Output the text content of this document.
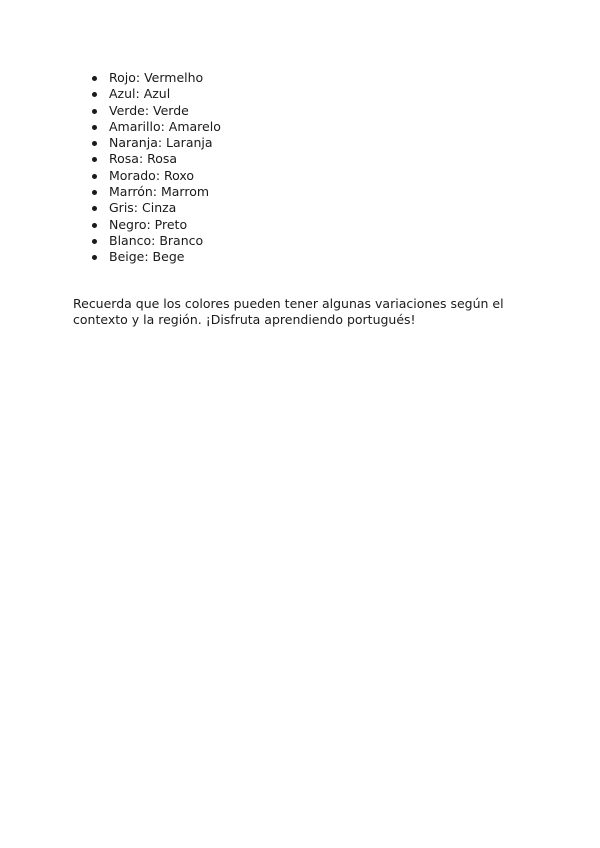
Rojo: Vermelho
Azul: Azul
Verde: Verde
Amarillo: Amarelo
Naranja: Laranja
Rosa: Rosa
Morado: Roxo
Marrón: Marrom
Gris: Cinza
Negro: Preto
Blanco: Branco
Beige: Bege

Recuerda que los colores pueden tener algunas variaciones según el contexto y la región. ¡Disfruta aprendiendo portugués!
